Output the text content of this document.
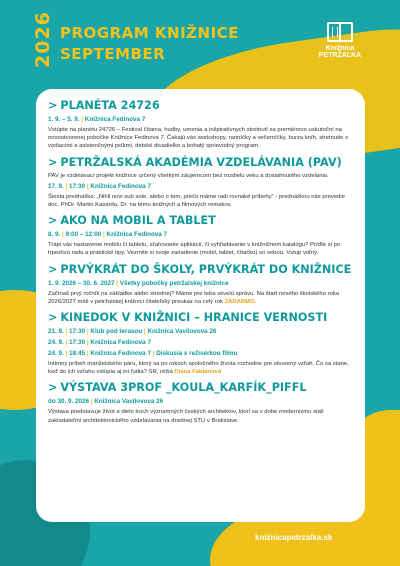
2026 PROGRAM KNIŽNICE
SEPTEMBER	Knižnica
PETRŽALKA
> PLANÉTA 24726
1. 9. – 5. 9. | Knižnica Fedinova 7
Vstúpte na planétu 24726 – Festival čítania, hudby, umenia a inšpiratívnych stretnutí sa premiérovo uskutoční na novootvorenej pobočke Knižnice Fedinova 7. Čakajú vás workshopy, ranníčky a večerníčky, burza kníh, stretnutie s vodiacimi a asistenčnými psíkmi, detské divadielko a bohatý sprievodný program.
> PETRŽALSKÁ AKADÉMIA VZDELÁVANIA (PAV)
PAV je vzdelávací projekt knižnice určený všetkým záujemcom bez rozdielu veku a dosiahnutého vzdelania.
17. 9. | 17:30 | Knižnica Fedinova 7
Šiesta prednáška: „Nihil novi sub sole, alebo o tom, prečo máme radi rovnaké príbehy“ - prednáškou nás prevedie doc. PhDr. Martin Kasarda, Dr. na tému knižných a filmových remakov.
> AKO NA MOBIL A TABLET
8. 9. | 9:00 – 12:00 | Knižnica Fedinova 7
Trápi vás nastavenie mobilu či tabletu, sťahovanie aplikácií, či vyhľadávanie v knižničnom katalógu? Príďte si po trpezlivú radu a praktické tipy. Vezmite si svoje zariadenie (mobil, tablet, čítačku) so sebou. Vstup voľný.
> PRVÝKRÁT DO ŠKOLY, PRVÝKRÁT DO KNIŽNICE
1. 9. 2026 – 30. 6. 2027 | Všetky pobočky petržalskej knižnice
Začínaš prvý ročník na základke alebo strednej? Máme pre teba skvelú správu. Na štart nového školského roka 2026/2027 máš v petržalskej knižnici čitateľský preukaz na celý rok ZADARMO.
> KINEDOK V KNIŽNICI – HRANICE VERNOSTI
21. 9. | 17:30 | Klub pod terasou | Knižnica Vavilovova 26
24. 9. | 17:30 | Knižnica Fedinova 7
24. 9. | 18:45 | Knižnica Fedinova 7 | Diskusia s režisérkou filmu
Intímny príbeh manželského páru, ktorý sa po rokoch spoločného života rozhodne pre otvorený vzťah. Čo sa stane, keď do ich vzťahu vstúpia aj iní ľudia? SR, réžia Diana Fabiánová
> VÝSTAVA 3PROF _KOULA_KARFÍK_PIFFL
do 30. 9. 2026 | Knižnica Vavilovova 26
Výstava predstavuje život a dielo troch významných českých architektov, ktorí sa v dobe modernizmu stali zakladateľmi architektonického vzdelávania na dnešnej STU v Bratislave.
kniznicapetrzalka.sk
